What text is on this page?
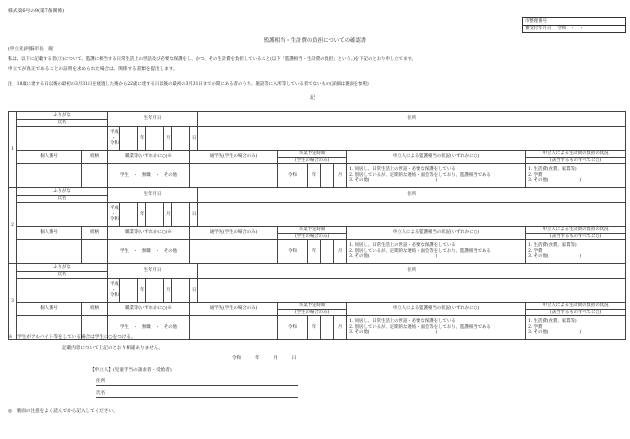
様式第6号の9(第7条関係)
市整理番号
審受付年月日 令和　・　・
監護相当・生計費の負担についての確認書
(申立先)阿蘇市長　殿
私は、以下に記載する者(①)について、監護に相当する日常生活上の世話及び必要な保護をし、かつ、その生計費を負担していること(以下「監護相当・生計費の負担」という。)を下記のとおり申し立てます。
申立てが真正であることの証明を求められた場合は、関係する書類を提出します。
注　18歳に達する日以後の最初の3月31日を経過した後から22歳に達する日以後の最初の3月31日までの間にある者のうち、施設等に入所等している者でないもの(詳細は裏面を参照)
記
1	ふりがな		生年月日							住所						
	氏名															

			平成
・
令和		年		月		日							
	個人番号	続柄	職業等(いずれかに○)※						通学先(学生の場合のみ)		卒業予定時期				申立人による監護相当の状況(いずれかに○)	申立人による生計費の負担の状況
											(学生の場合のみ)					(該当するものすべてに○)
			学生　・　無職　・　その他								令和	年		月	1. 同居し、日常生活上の世話・必要な保護をしている
2. 別居しているが、定期的な連絡・面会等をしており、監護相当である
3. その他(　　　　　　　　　　　　　　　)	1. 生活費(食費、家賃等)
2. 学費
3. その他(　　　　　　　)

2	ふりがな		生年月日							住所						
	氏名															

			平成
・
令和		年		月		日							
	個人番号	続柄	職業等(いずれかに○)※						通学先(学生の場合のみ)		卒業予定時期				申立人による監護相当の状況(いずれかに○)	申立人による生計費の負担の状況
											(学生の場合のみ)					(該当するものすべてに○)
			学生　・　無職　・　その他								令和	年		月	1. 同居し、日常生活上の世話・必要な保護をしている
2. 別居しているが、定期的な連絡・面会等をしており、監護相当である
3. その他(　　　　　　　　　　　　　　　)	1. 生活費(食費、家賃等)
2. 学費
3. その他(　　　　　　　)

3	ふりがな		生年月日							住所						
	氏名															

			平成
・
令和		年		月		日							
	個人番号	続柄	職業等(いずれかに○)※						通学先(学生の場合のみ)		卒業予定時期				申立人による監護相当の状況(いずれかに○)	申立人による生計費の負担の状況
											(学生の場合のみ)					(該当するものすべてに○)
			学生　・　無職　・　その他								令和	年		月	1. 同居し、日常生活上の世話・必要な保護をしている
2. 別居しているが、定期的な連絡・面会等をしており、監護相当である
3. その他(　　　　　　　　　　　　　　　)	1. 生活費(食費、家賃等)
2. 学費
3. その他(　　　　　　　)
※　学生がアルバイト等をしている場合は学生に○をつける。
記載内容について上記のとおり相違ありません。
令和　　　年　　　月　　　日
【申立人】(児童手当の請求者・受給者)
住所
氏名
◎　裏面の注意をよく読んでから記入してください。
